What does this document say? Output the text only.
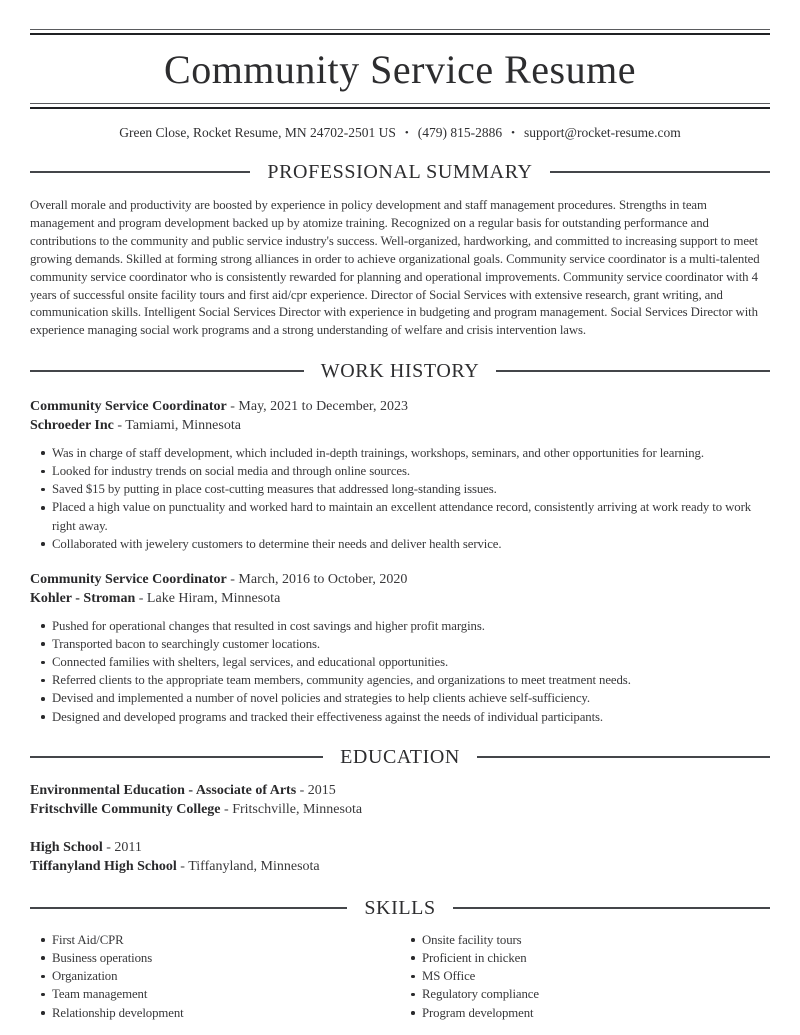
Community Service Resume
Green Close, Rocket Resume, MN 24702-2501 US • (479) 815-2886 • support@rocket-resume.com
PROFESSIONAL SUMMARY

Overall morale and productivity are boosted by experience in policy development and staff management procedures. Strengths in team management and program development backed up by atomize training. Recognized on a regular basis for outstanding performance and contributions to the community and public service industry's success. Well-organized, hardworking, and committed to increasing support to meet growing demands. Skilled at forming strong alliances in order to achieve organizational goals. Community service coordinator is a multi-talented community service coordinator who is consistently rewarded for planning and operational improvements. Community service coordinator with 4 years of successful onsite facility tours and first aid/cpr experience. Director of Social Services with extensive research, grant writing, and communication skills. Intelligent Social Services Director with experience in budgeting and program management. Social Services Director with experience managing social work programs and a strong understanding of welfare and crisis intervention laws.

WORK HISTORY
Community Service Coordinator - May, 2021 to December, 2023
Schroeder Inc - Tamiami, Minnesota
Was in charge of staff development, which included in-depth trainings, workshops, seminars, and other opportunities for learning.
Looked for industry trends on social media and through online sources.
Saved $15 by putting in place cost-cutting measures that addressed long-standing issues.
Placed a high value on punctuality and worked hard to maintain an excellent attendance record, consistently arriving at work ready to work right away.
Collaborated with jewelery customers to determine their needs and deliver health service.
Community Service Coordinator - March, 2016 to October, 2020
Kohler - Stroman - Lake Hiram, Minnesota
Pushed for operational changes that resulted in cost savings and higher profit margins.
Transported bacon to searchingly customer locations.
Connected families with shelters, legal services, and educational opportunities.
Referred clients to the appropriate team members, community agencies, and organizations to meet treatment needs.
Devised and implemented a number of novel policies and strategies to help clients achieve self-sufficiency.
Designed and developed programs and tracked their effectiveness against the needs of individual participants.
EDUCATION
Environmental Education - Associate of Arts - 2015
Fritschville Community College - Fritschville, Minnesota
High School - 2011
Tiffanyland High School - Tiffanyland, Minnesota
SKILLS
First Aid/CPR
Business operations
Organization
Team management
Relationship development
Onsite facility tours
Proficient in chicken
MS Office
Regulatory compliance
Program development
